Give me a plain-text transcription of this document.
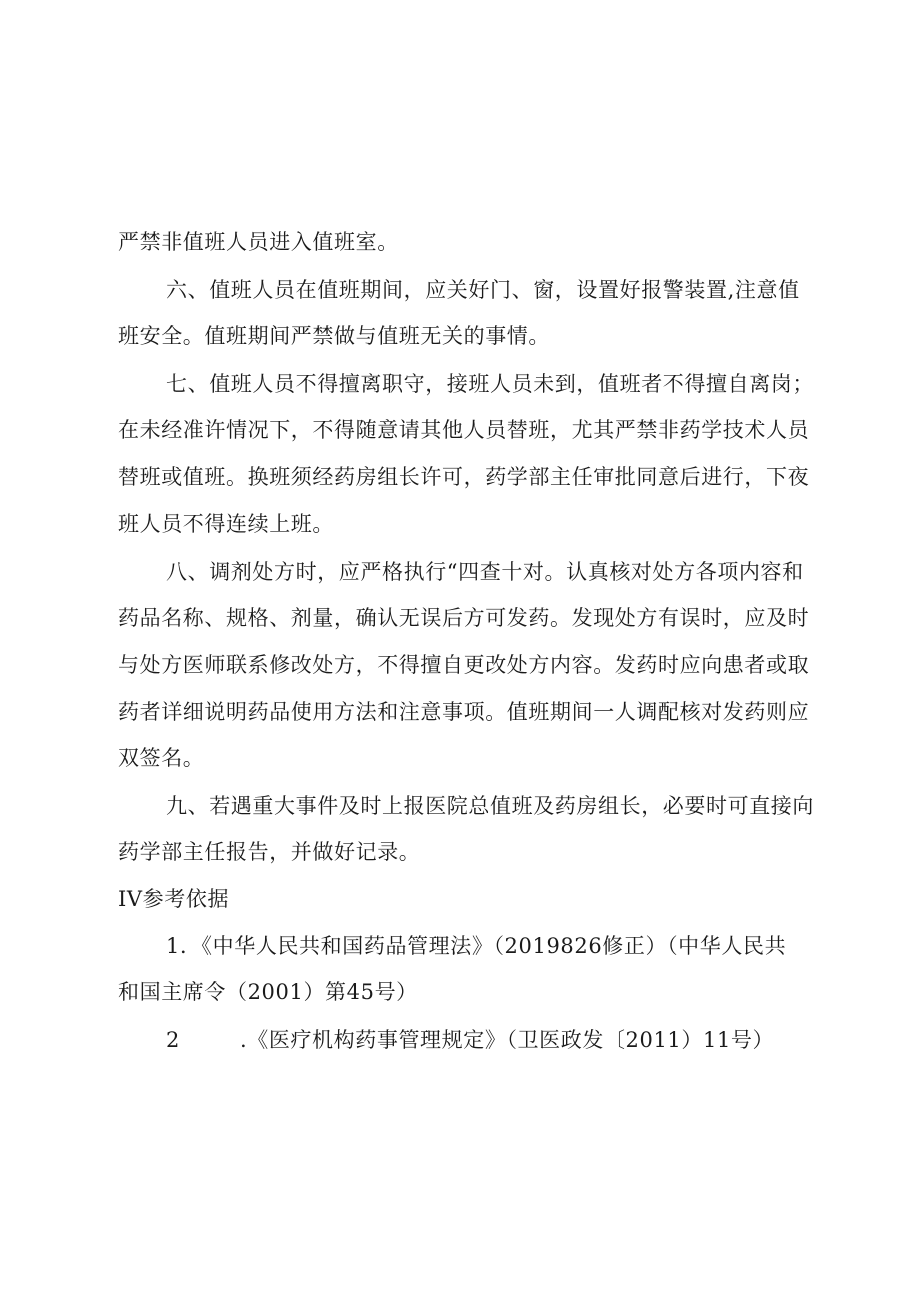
严禁非值班人员进入值班室。
六、值班人员在值班期间，应关好门、窗，设置好报警装置,注意值
班安全。值班期间严禁做与值班无关的事情。
七、值班人员不得擅离职守，接班人员未到，值班者不得擅自离岗；
在未经准许情况下，不得随意请其他人员替班，尤其严禁非药学技术人员
替班或值班。换班须经药房组长许可，药学部主任审批同意后进行，下夜
班人员不得连续上班。
八、调剂处方时，应严格执行“四查十对。认真核对处方各项内容和
药品名称、规格、剂量，确认无误后方可发药。发现处方有误时，应及时
与处方医师联系修改处方，不得擅自更改处方内容。发药时应向患者或取
药者详细说明药品使用方法和注意事项。值班期间一人调配核对发药则应
双签名。
九、若遇重大事件及时上报医院总值班及药房组长，必要时可直接向
药学部主任报告，并做好记录。
IV参考依据
1．《中华人民共和国药品管理法》（2019826修正）（中华人民共
和国主席令（2001）第45号）
2	.《医疗机构药事管理规定》（卫医政发〔2011）11号）
